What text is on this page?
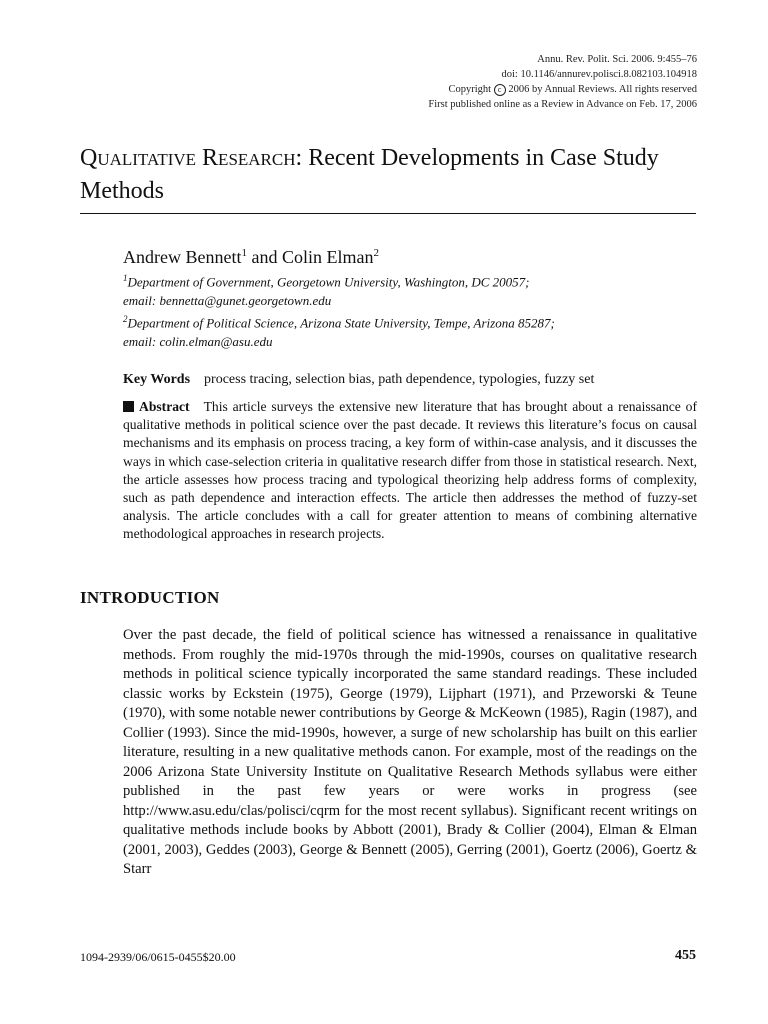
Annu. Rev. Polit. Sci. 2006. 9:455–76
doi: 10.1146/annurev.polisci.8.082103.104918
Copyright c 2006 by Annual Reviews. All rights reserved
First published online as a Review in Advance on Feb. 17, 2006
Qualitative Research: Recent Developments in Case Study Methods
Andrew Bennett$^1$ and Colin Elman$^2$
$^1$Department of Government, Georgetown University, Washington, DC 20057;
email: bennetta@gunet.georgetown.edu
$^2$Department of Political Science, Arizona State University, Tempe, Arizona 85287;
email: colin.elman@asu.edu
Key Words process tracing, selection bias, path dependence, typologies, fuzzy set
Abstract This article surveys the extensive new literature that has brought about a renaissance of qualitative methods in political science over the past decade. It reviews this literature’s focus on causal mechanisms and its emphasis on process tracing, a key form of within-case analysis, and it discusses the ways in which case-selection criteria in qualitative research differ from those in statistical research. Next, the article assesses how process tracing and typological theorizing help address forms of complexity, such as path dependence and interaction effects. The article then addresses the method of fuzzy-set analysis. The article concludes with a call for greater attention to means of combining alternative methodological approaches in research projects.
INTRODUCTION

Over the past decade, the field of political science has witnessed a renaissance in qualitative methods. From roughly the mid-1970s through the mid-1990s, courses on qualitative research methods in political science typically incorporated the same standard readings. These included classic works by Eckstein (1975), George (1979), Lijphart (1971), and Przeworski & Teune (1970), with some notable newer contributions by George & McKeown (1985), Ragin (1987), and Collier (1993). Since the mid-1990s, however, a surge of new scholarship has built on this earlier literature, resulting in a new qualitative methods canon. For example, most of the readings on the 2006 Arizona State University Institute on Qualitative Research Methods syllabus were either published in the past few years or were works in progress (see http://www.asu.edu/clas/polisci/cqrm for the most recent syllabus). Significant recent writings on qualitative methods include books by Abbott (2001), Brady & Collier (2004), Elman & Elman (2001, 2003), Geddes (2003), George & Bennett (2005), Gerring (2001), Goertz (2006), Goertz & Starr

1094-2939/06/0615-0455$20.00	455
